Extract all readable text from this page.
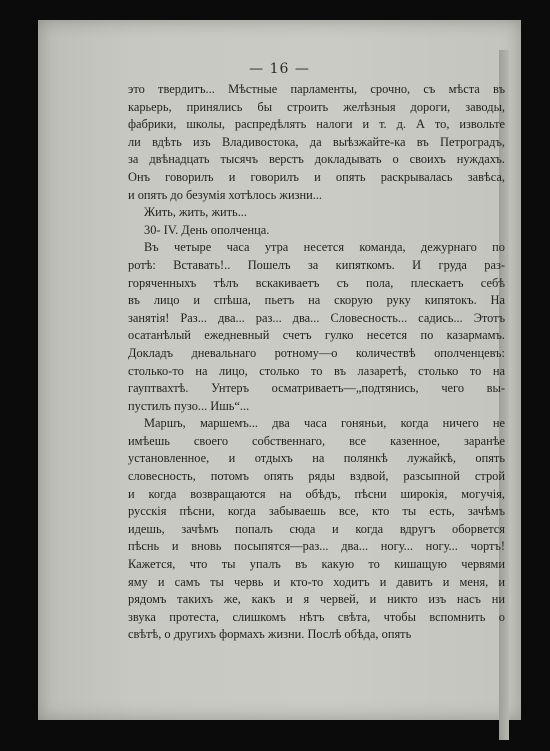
— 16 —
это твердитъ... Мѣстные парламенты, срочно, съ мѣста въ
карьерь, принялись бы строить желѣзныя дороги, заводы,
фабрики, школы, распредѣлять налоги и т. д. А то, извольте
ли вдѣть изъ Владивостока, да выѣзжайте-ка въ Петроградъ,
за двѣнадцать тысячъ верстъ докладывать о своихъ нуждахъ.
Онъ говорилъ и говорилъ и опять раскрывалась завѣса,
и опять до безумія хотѣлось жизни...
Жить, жить, жить...
30- IV. День ополченца.
Въ четыре часа утра несется команда, дежурнаго по
ротѣ: Вставать!.. Пошелъ за кипяткомъ. И груда раз-
горяченныхъ тѣлъ вскакиваетъ съ пола, плескаетъ себѣ
въ лицо и спѣша, пьетъ на скорую руку кипятокъ. На
занятія! Раз... два... раз... два... Словесность... садись... Этотъ
осатанѣлый ежедневный счетъ гулко несется по казармамъ.
Докладъ дневальнаго ротному—о количествѣ ополченцевъ:
столько-то на лицо, столько то въ лазаретѣ, столько то на
гауптвахтѣ. Унтеръ осматриваетъ—„подтянись, чего вы-
пустилъ пузо... Ишь“...
Маршъ, маршемъ... два часа гоняньи, когда ничего не
имѣешь своего собственнаго, все казенное, заранѣе
установленное, и отдыхъ на полянкѣ лужайкѣ, опять
словесность, потомъ опять ряды вздвой, разсыпной строй
и когда возвращаются на обѣдъ, пѣсни широкія, могучія,
русскія пѣсни, когда забываешь все, кто ты есть, зачѣмъ
идешь, зачѣмъ попалъ сюда и когда вдругъ оборвется
пѣснь и вновь посыпятся—раз... два... ногу... ногу... чортъ!
Кажется, что ты упалъ въ какую то кишащую червями
яму и самъ ты червь и кто-то ходитъ и давитъ и меня, и
рядомъ такихъ же, какъ и я червей, и никто изъ насъ ни
звука протеста, слишкомъ нѣтъ свѣта, чтобы вспомнить о
свѣтѣ, о другихъ формахъ жизни. Послѣ обѣда, опять
